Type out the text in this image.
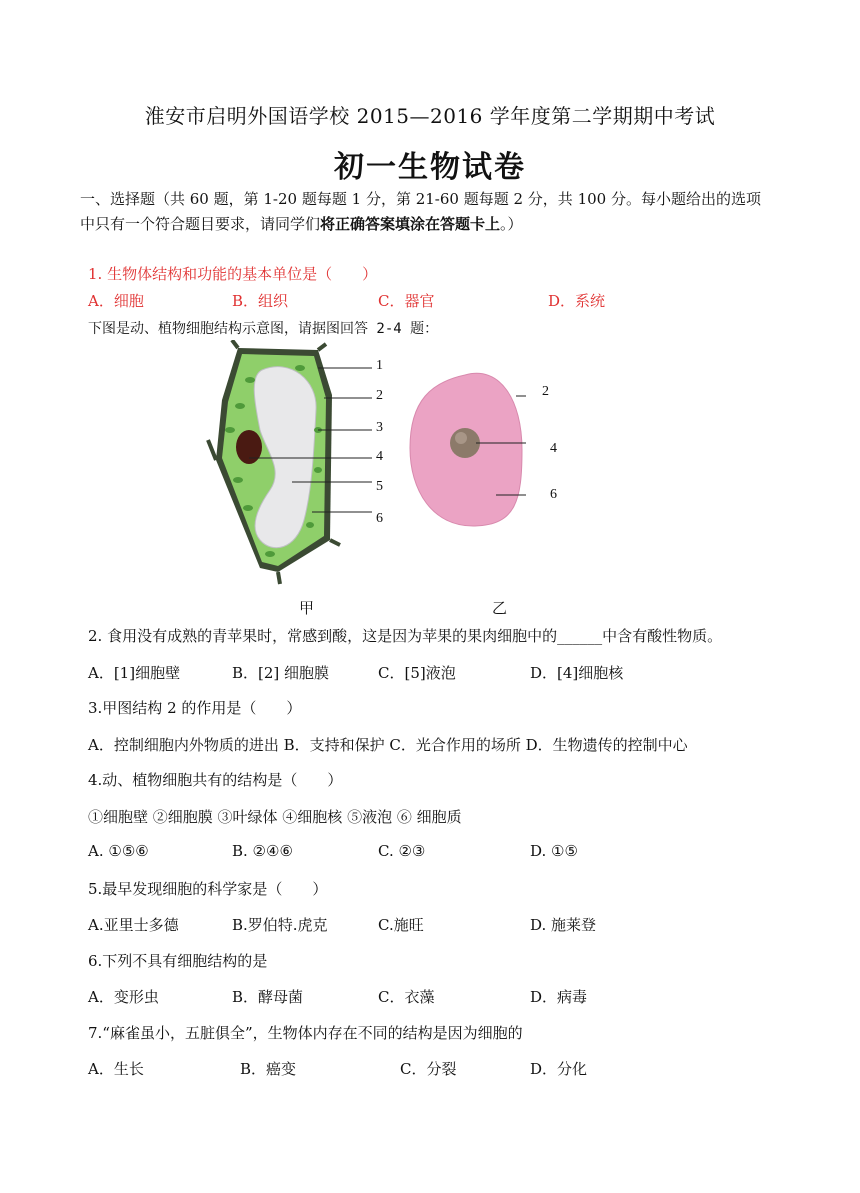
淮安市启明外国语学校 2015—2016 学年度第二学期期中考试
初一生物试卷
一、选择题（共 60 题，第 1-20 题每题 1 分，第 21-60 题每题 2 分，共 100 分。每小题给出的选项
中只有一个符合题目要求，请同学们将正确答案填涂在答题卡上。）
1. 生物体结构和功能的基本单位是（　　）
A．细胞	B．组织	C．器官	D．系统
下图是动、植物细胞结构示意图，请据图回答 2-4 题：
1
2
3
4
5
6
2
4
6
甲	乙
2. 食用没有成熟的青苹果时，常感到酸，这是因为苹果的果肉细胞中的______中含有酸性物质。
A．[1]细胞壁	B．[2] 细胞膜	C．[5]液泡	D．[4]细胞核
3.甲图结构 2 的作用是（　　）
A．控制细胞内外物质的进出 B．支持和保护 C．光合作用的场所 D．生物遗传的控制中心
4.动、植物细胞共有的结构是（　　）
①细胞壁 ②细胞膜 ③叶绿体 ④细胞核 ⑤液泡 ⑥ 细胞质
A. ①⑤⑥	B. ②④⑥	C. ②③	D. ①⑤
5.最早发现细胞的科学家是（　　）
A.亚里士多德	B.罗伯特.虎克	C.施旺	D. 施莱登
6.下列不具有细胞结构的是
A．变形虫	B．酵母菌	C．衣藻	D．病毒
7.“麻雀虽小，五脏俱全”，生物体内存在不同的结构是因为细胞的
A．生长	B．癌变	C．分裂	D．分化
